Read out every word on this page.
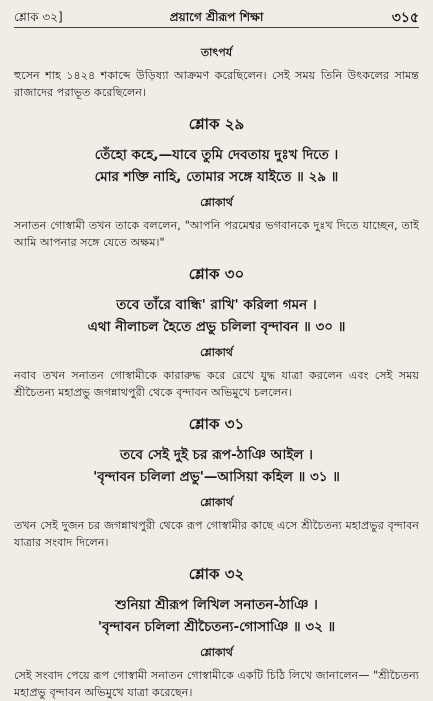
শ্লোক ৩২]	প্রয়াগে শ্রীরূপ শিক্ষা	৩১৫
তাৎপর্য

হুসেন শাহ ১৪২৪ শকাব্দে উড়িষ্যা আক্রমণ করেছিলেন। সেই সময় তিনি উৎকলের সামন্ত রাজাদের পরাভূত করেছিলেন।

শ্লোক ২৯
তেঁহো কহে,—যাবে তুমি দেবতায় দুঃখ দিতে ।
মোর শক্তি নাহি, তোমার সঙ্গে যাইতে ॥ ২৯ ॥
শ্লোকার্থ

সনাতন গোস্বামী তখন তাকে বললেন, "আপনি পরমেশ্বর ভগবানকে দুঃখ দিতে যাচ্ছেন, তাই আমি আপনার সঙ্গে যেতে অক্ষম।"

শ্লোক ৩০
তবে তাঁরে বান্ধি' রাখি' করিলা গমন ।
এথা নীলাচল হৈতে প্রভু চলিলা বৃন্দাবন ॥ ৩০ ॥
শ্লোকার্থ

নবাব তখন সনাতন গোস্বামীকে কারারুদ্ধ করে রেখে যুদ্ধ যাত্রা করলেন এবং সেই সময় শ্রীচৈতন্য মহাপ্রভু জগন্নাথপুরী থেকে বৃন্দাবন অভিমুখে চললেন।

শ্লোক ৩১
তবে সেই দুই চর রূপ-ঠাঞি আইল ।
'বৃন্দাবন চলিলা প্রভু'—আসিয়া কহিল ॥ ৩১ ॥
শ্লোকার্থ

তখন সেই দুজন চর জগন্নাথপুরী থেকে রূপ গোস্বামীর কাছে এসে শ্রীচৈতন্য মহাপ্রভুর বৃন্দাবন যাত্রার সংবাদ দিলেন।

শ্লোক ৩২
শুনিয়া শ্রীরূপ লিখিল সনাতন-ঠাঞি ।
'বৃন্দাবন চলিলা শ্রীচৈতন্য-গোসাঞি ॥ ৩২ ॥
শ্লোকার্থ

সেই সংবাদ পেয়ে রূপ গোস্বামী সনাতন গোস্বামীকে একটি চিঠি লিখে জানালেন— "শ্রীচৈতন্য মহাপ্রভু বৃন্দাবন অভিমুখে যাত্রা করেছেন।
